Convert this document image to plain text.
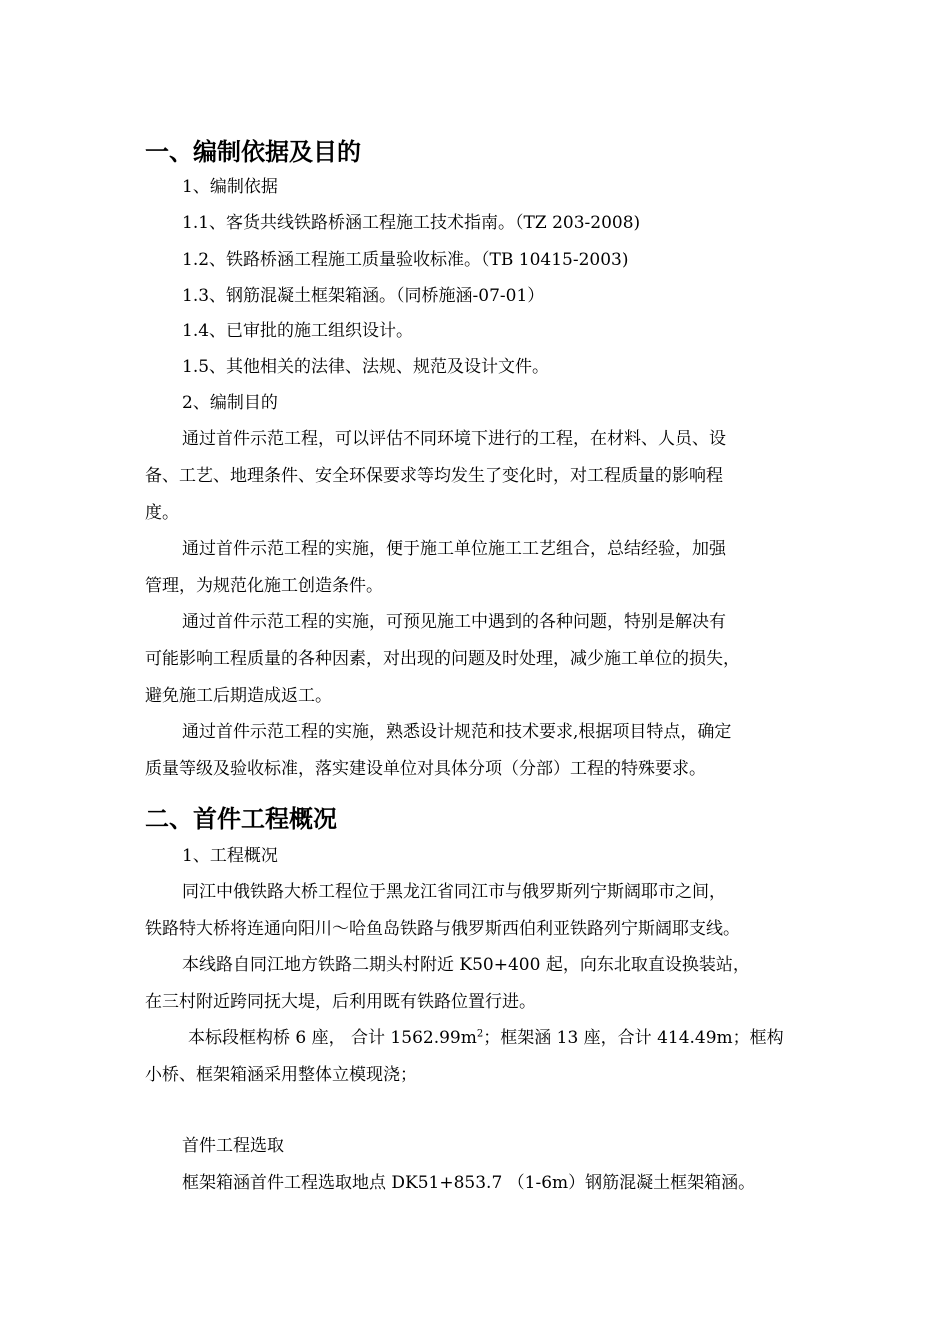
一、编制依据及目的
1、编制依据
1.1、客货共线铁路桥涵工程施工技术指南。（TZ 203-2008)
1.2、铁路桥涵工程施工质量验收标准。（TB 10415-2003)
1.3、钢筋混凝土框架箱涵。（同桥施涵-07-01）
1.4、已审批的施工组织设计。
1.5、其他相关的法律、法规、规范及设计文件。
2、编制目的
通过首件示范工程，可以评估不同环境下进行的工程，在材料、人员、设
备、工艺、地理条件、安全环保要求等均发生了变化时，对工程质量的影响程
度。
通过首件示范工程的实施，便于施工单位施工工艺组合，总结经验，加强
管理，为规范化施工创造条件。
通过首件示范工程的实施，可预见施工中遇到的各种问题，特别是解决有
可能影响工程质量的各种因素，对出现的问题及时处理，减少施工单位的损失，
避免施工后期造成返工。
通过首件示范工程的实施，熟悉设计规范和技术要求,根据项目特点，确定
质量等级及验收标准，落实建设单位对具体分项（分部）工程的特殊要求。
二、首件工程概况
1、工程概况
同江中俄铁路大桥工程位于黑龙江省同江市与俄罗斯列宁斯阔耶市之间，
铁路特大桥将连通向阳川～哈鱼岛铁路与俄罗斯西伯利亚铁路列宁斯阔耶支线。
本线路自同江地方铁路二期头村附近 K50+400 起，向东北取直设换装站，
在三村附近跨同抚大堤，后利用既有铁路位置行进。
本标段框构桥 6 座， 合计 $1562.99m^2$；框架涵 13 座，合计 414.49m；框构
小桥、框架箱涵采用整体立模现浇；
首件工程选取
框架箱涵首件工程选取地点 DK51+853.7 （1-6m）钢筋混凝土框架箱涵。
